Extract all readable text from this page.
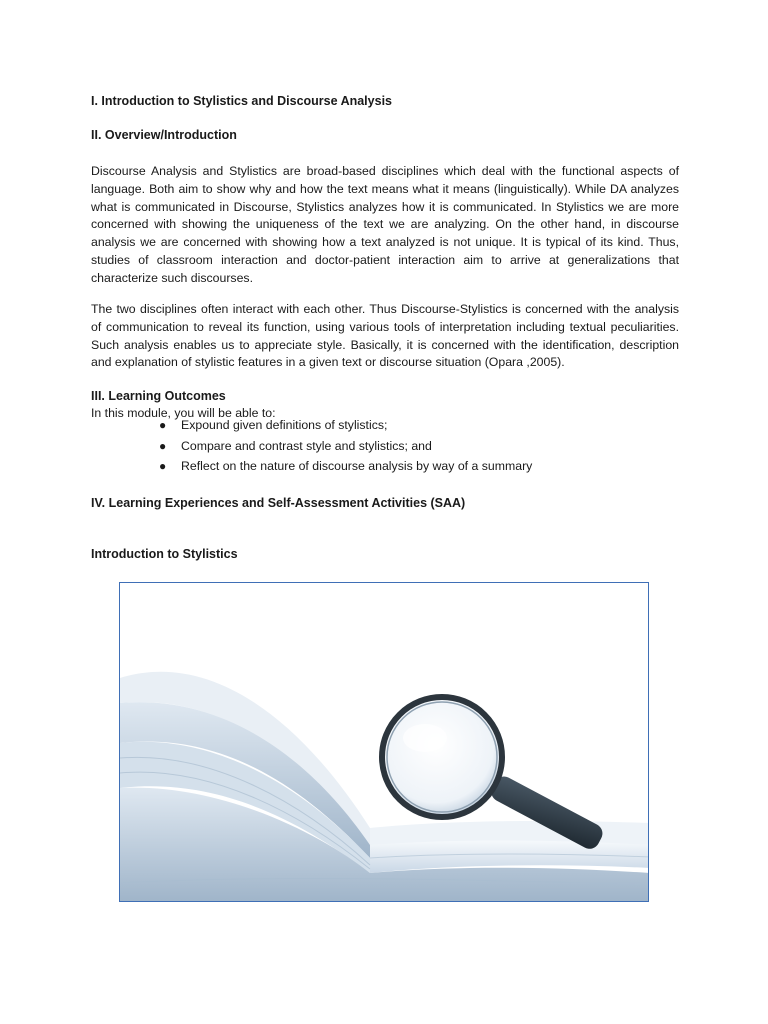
I. Introduction to Stylistics and Discourse Analysis
II. Overview/Introduction

Discourse Analysis and Stylistics are broad-based disciplines which deal with the functional aspects of language. Both aim to show why and how the text means what it means (linguistically). While DA analyzes what is communicated in Discourse, Stylistics analyzes how it is communicated. In Stylistics we are more concerned with showing the uniqueness of the text we are analyzing. On the other hand, in discourse analysis we are concerned with showing how a text analyzed is not unique. It is typical of its kind. Thus, studies of classroom interaction and doctor-patient interaction aim to arrive at generalizations that characterize such discourses.

The two disciplines often interact with each other. Thus Discourse-Stylistics is concerned with the analysis of communication to reveal its function, using various tools of interpretation including textual peculiarities. Such analysis enables us to appreciate style. Basically, it is concerned with the identification, description and explanation of stylistic features in a given text or discourse situation (Opara ,2005).

III. Learning Outcomes
In this module, you will be able to:
● Expound given definitions of stylistics;
● Compare and contrast style and stylistics; and
● Reflect on the nature of discourse analysis by way of a summary
IV. Learning Experiences and Self-Assessment Activities (SAA)
Introduction to Stylistics
